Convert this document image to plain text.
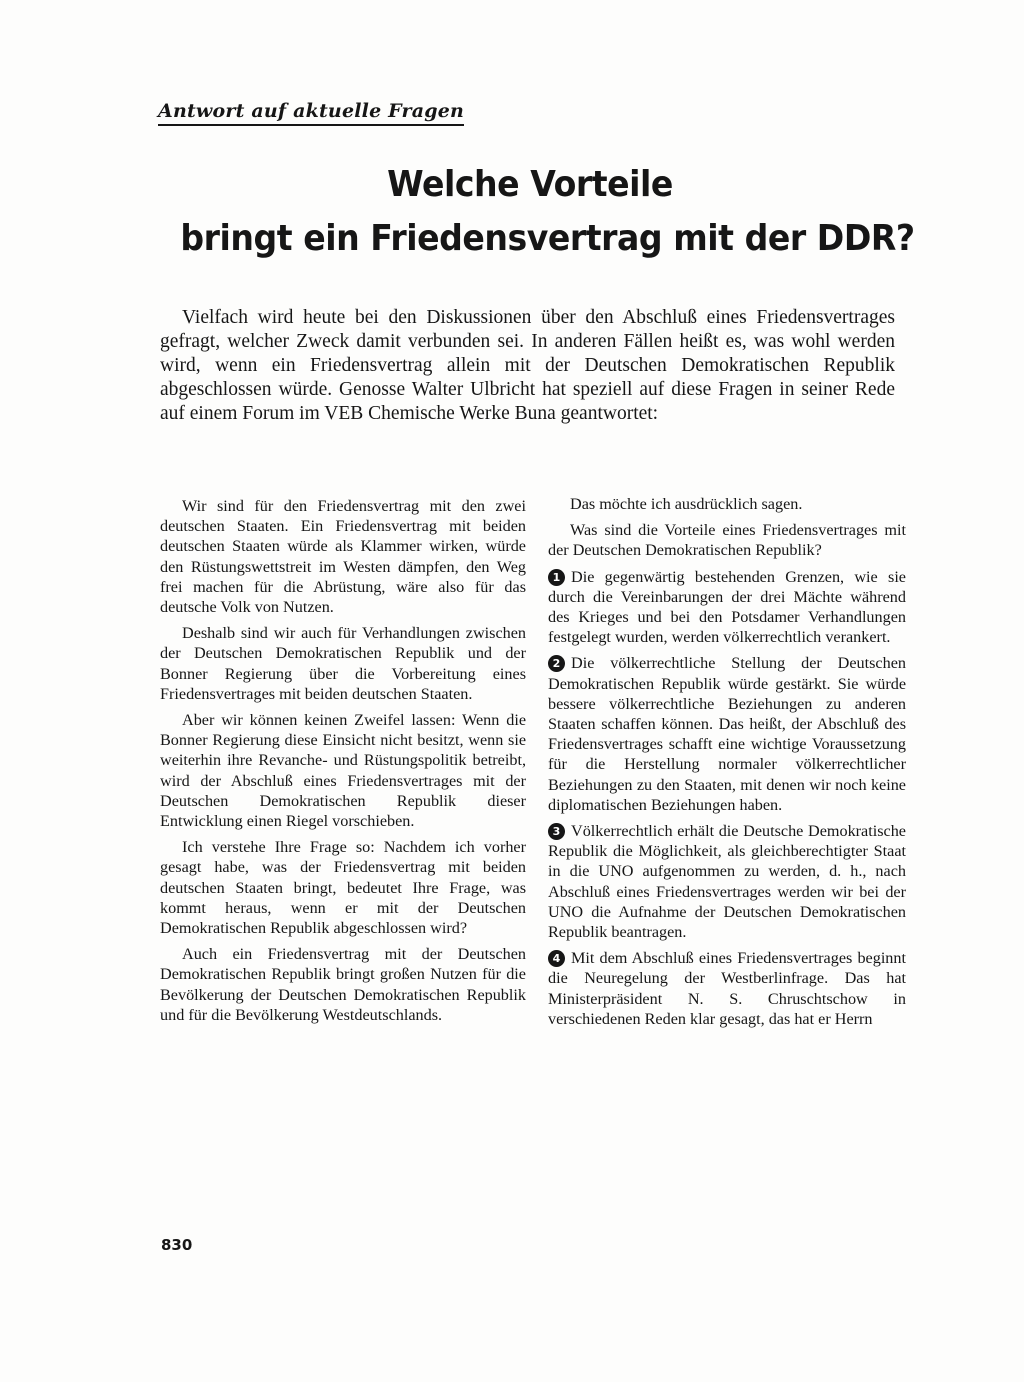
Antwort auf aktuelle Fragen
Welche Vorteile
bringt ein Friedensvertrag mit der DDR?

Vielfach wird heute bei den Diskussionen über den Abschluß eines Friedensvertrages gefragt, welcher Zweck damit verbunden sei. In anderen Fällen heißt es, was wohl werden wird, wenn ein Friedensvertrag allein mit der Deutschen Demokratischen Republik abgeschlossen würde. Genosse Walter Ulbricht hat speziell auf diese Fragen in seiner Rede auf einem Forum im VEB Chemische Werke Buna geantwortet:

Wir sind für den Friedensvertrag mit den zwei deutschen Staaten. Ein Friedensvertrag mit beiden deutschen Staaten würde als Klammer wirken, würde den Rüstungswettstreit im Westen dämpfen, den Weg frei machen für die Abrüstung, wäre also für das deutsche Volk von Nutzen.

Deshalb sind wir auch für Verhandlungen zwischen der Deutschen Demokratischen Republik und der Bonner Regierung über die Vorbereitung eines Friedensvertrages mit beiden deutschen Staaten.

Aber wir können keinen Zweifel lassen: Wenn die Bonner Regierung diese Einsicht nicht besitzt, wenn sie weiterhin ihre Revanche- und Rüstungspolitik betreibt, wird der Abschluß eines Friedensvertrages mit der Deutschen Demokratischen Republik dieser Entwicklung einen Riegel vorschieben.

Ich verstehe Ihre Frage so: Nachdem ich vorher gesagt habe, was der Friedensvertrag mit beiden deutschen Staaten bringt, bedeutet Ihre Frage, was kommt heraus, wenn er mit der Deutschen Demokratischen Republik abgeschlossen wird?

Auch ein Friedensvertrag mit der Deutschen Demokratischen Republik bringt großen Nutzen für die Bevölkerung der Deutschen Demokratischen Republik und für die Bevölkerung Westdeutschlands.

Das möchte ich ausdrücklich sagen.

Was sind die Vorteile eines Friedensvertrages mit der Deutschen Demokratischen Republik?

1 Die gegenwärtig bestehenden Grenzen, wie sie durch die Vereinbarungen der drei Mächte während des Krieges und bei den Potsdamer Verhandlungen festgelegt wurden, werden völkerrechtlich verankert.

2 Die völkerrechtliche Stellung der Deutschen Demokratischen Republik würde gestärkt. Sie würde bessere völkerrechtliche Beziehungen zu anderen Staaten schaffen können. Das heißt, der Abschluß des Friedensvertrages schafft eine wichtige Voraussetzung für die Herstellung normaler völkerrechtlicher Beziehungen zu den Staaten, mit denen wir noch keine diplomatischen Beziehungen haben.

3 Völkerrechtlich erhält die Deutsche Demokratische Republik die Möglichkeit, als gleichberechtigter Staat in die UNO aufgenommen zu werden, d. h., nach Abschluß eines Friedensvertrages werden wir bei der UNO die Aufnahme der Deutschen Demokratischen Republik beantragen.

4 Mit dem Abschluß eines Friedensvertrages beginnt die Neuregelung der Westberlinfrage. Das hat Ministerpräsident N. S. Chruschtschow in verschiedenen Reden klar gesagt, das hat er Herrn

830
